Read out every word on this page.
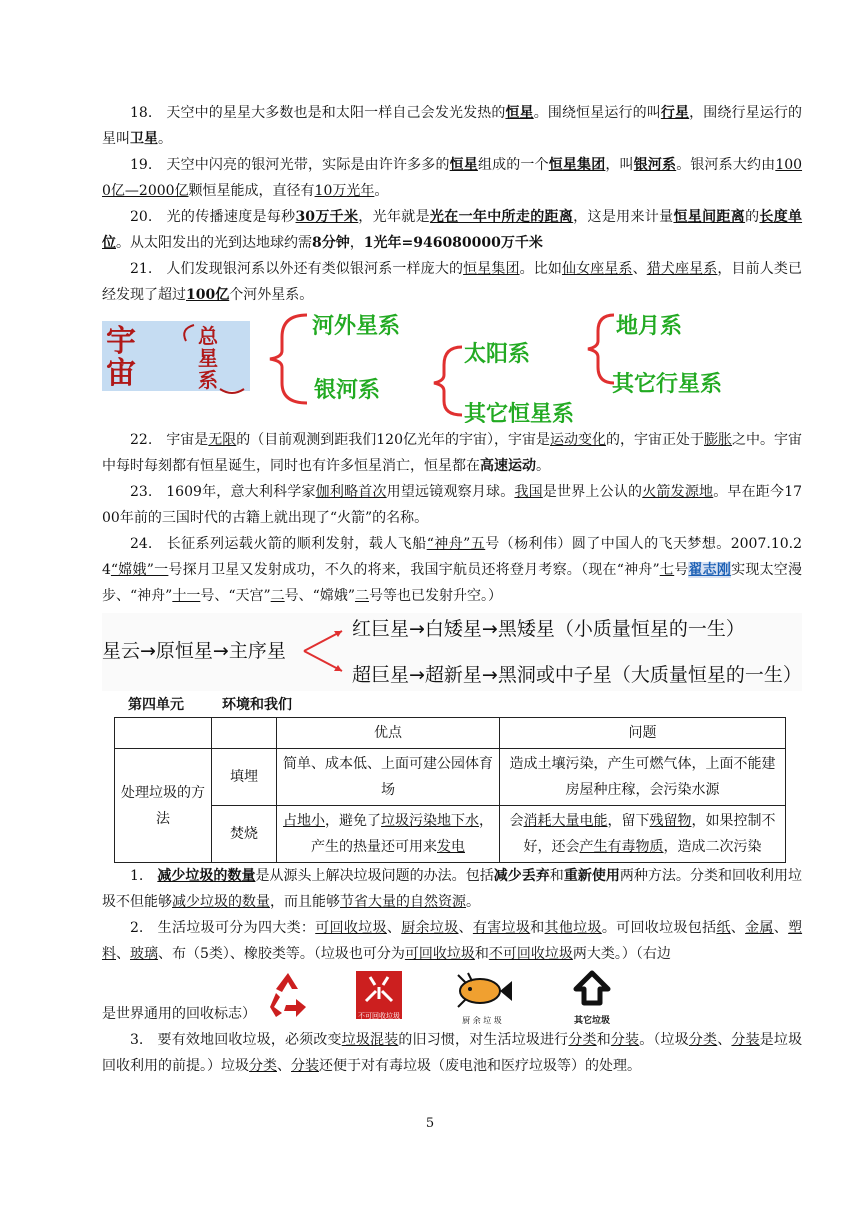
18.  天空中的星星大多数也是和太阳一样自己会发光发热的恒星。围绕恒星运行的叫行星，围绕行星运行的星叫卫星。

19.  天空中闪亮的银河光带，实际是由许许多多的恒星组成的一个恒星集团，叫银河系。银河系大约由1000亿—2000亿颗恒星能成，直径有10万光年。

20.  光的传播速度是每秒30万千米，光年就是光在一年中所走的距离，这是用来计量恒星间距离的长度单位。从太阳发出的光到达地球约需8分钟，1光年=946080000万千米

21.  人们发现银河系以外还有类似银河系一样庞大的恒星集团。比如仙女座星系、猎犬座星系，目前人类已经发现了超过100亿个河外星系。

宇
宙
总
星
系
河外星系
银河系
太阳系
其它恒星系
地月系
其它行星系

22.  宇宙是无限的（目前观测到距我们120亿光年的宇宙），宇宙是运动变化的，宇宙正处于膨胀之中。宇宙中每时每刻都有恒星诞生，同时也有许多恒星消亡，恒星都在高速运动。

23.  1609年，意大利科学家伽利略首次用望远镜观察月球。我国是世界上公认的火箭发源地。早在距今1700年前的三国时代的古籍上就出现了“火箭”的名称。

24.  长征系列运载火箭的顺利发射，载人飞船“神舟”五号（杨利伟）圆了中国人的飞天梦想。2007.10.24“嫦娥”一号探月卫星又发射成功，不久的将来，我国宇航员还将登月考察。（现在“神舟”七号翟志刚实现太空漫步、“神舟”十一号、“天宫”二号、“嫦娥”二号等也已发射升空。）

星云→原恒星→主序星
红巨星→白矮星→黑矮星（小质量恒星的一生）
超巨星→超新星→黑洞或中子星（大质量恒星的一生）
第四单元	环境和我们
		优点	问题
处理垃圾的方法	填埋	简单、成本低、上面可建公园体育场	造成土壤污染，产生可燃气体，上面不能建房屋种庄稼，会污染水源
	焚烧	占地小，避免了垃圾污染地下水，产生的热量还可用来发电	会消耗大量电能，留下残留物，如果控制不好，还会产生有毒物质，造成二次污染

1.  减少垃圾的数量是从源头上解决垃圾问题的办法。包括减少丢弃和重新使用两种方法。分类和回收利用垃圾不但能够减少垃圾的数量，而且能够节省大量的自然资源。

2.  生活垃圾可分为四大类：可回收垃圾、厨余垃圾、有害垃圾和其他垃圾。可回收垃圾包括纸、金属、塑料、玻璃、布（5类）、橡胶类等。（垃圾也可分为可回收垃圾和不可回收垃圾两大类。）（右边

是世界通用的回收标志）	不可回收垃圾	厨 余 垃 圾	其它垃圾

3.  要有效地回收垃圾，必须改变垃圾混装的旧习惯，对生活垃圾进行分类和分装。（垃圾分类、分装是垃圾回收利用的前提。）垃圾分类、分装还便于对有毒垃圾（废电池和医疗垃圾等）的处理。

5
